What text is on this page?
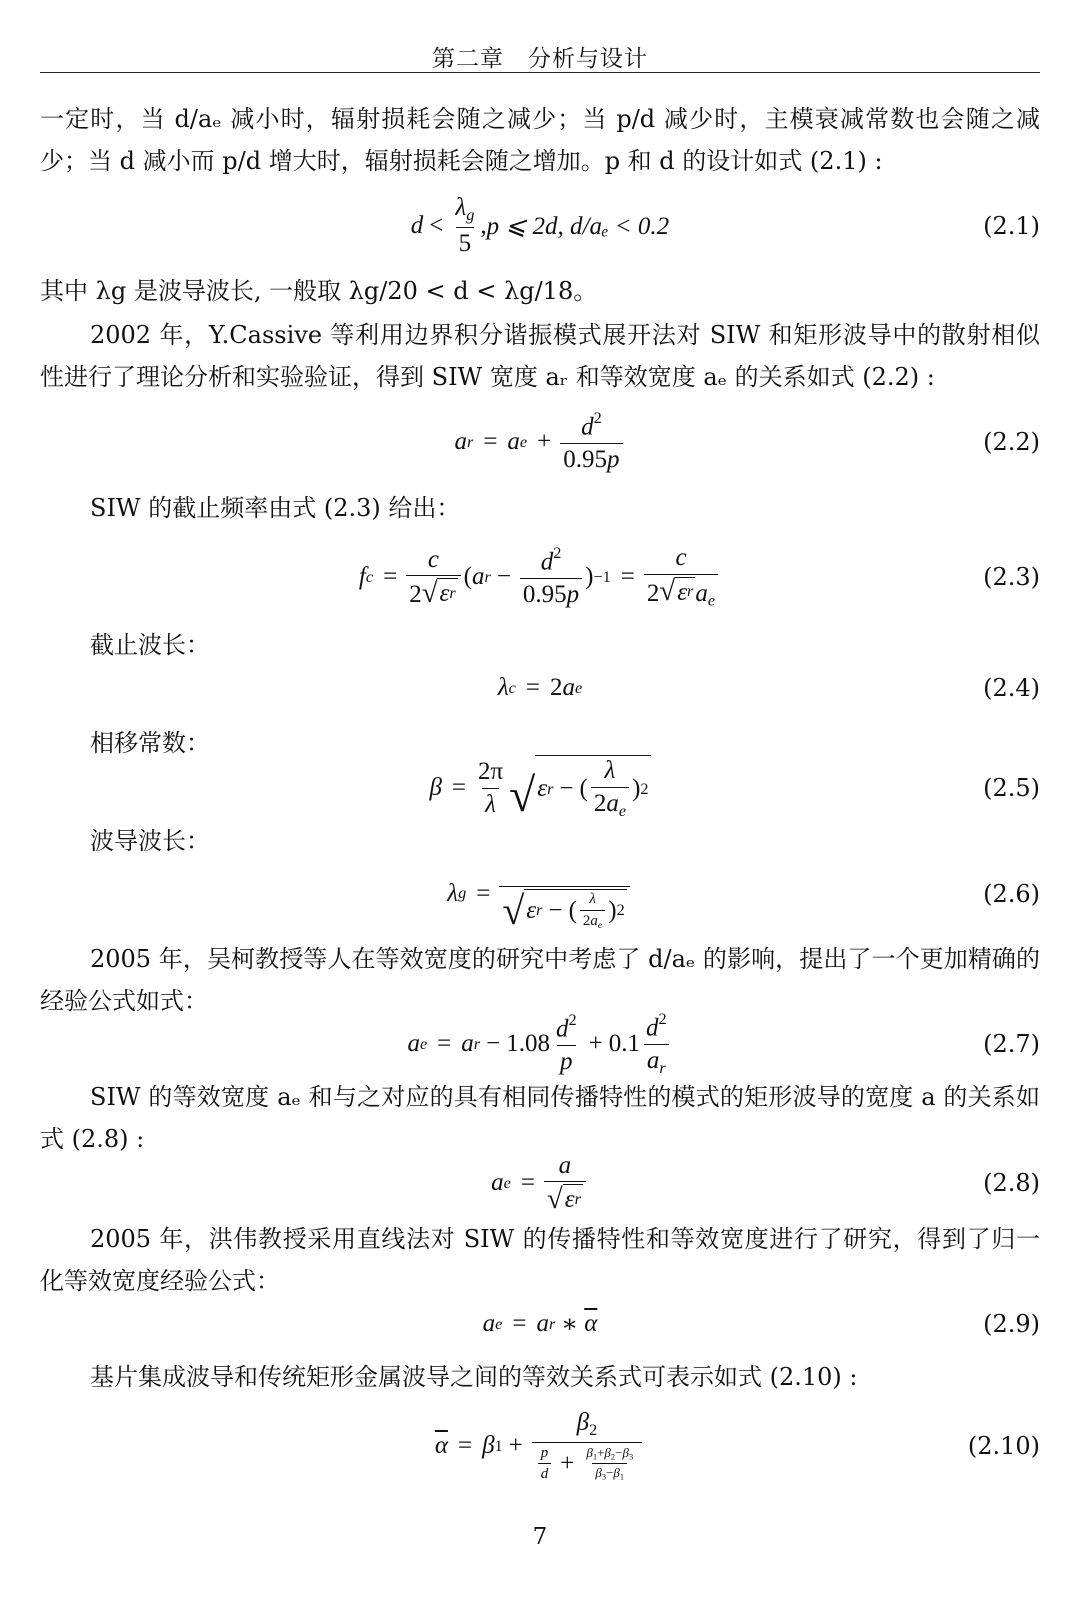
第二章　分析与设计

一定时，当 d/aₑ 减小时，辐射损耗会随之减少；当 p/d 减少时，主模衰减常数也会随之减少；当 d 减小而 p/d 增大时，辐射损耗会随之增加。p 和 d 的设计如式 (2.1) :

$d < \frac{\lambda_g}{5}$ , p ⩽ 2d, d/aₑ < 0.2	(2.1)

其中 λg 是波导波长, 一般取 λg/20 < d < λg/18。

2002 年，Y.Cassive 等利用边界积分谐振模式展开法对 SIW 和矩形波导中的散射相似性进行了理论分析和实验验证，得到 SIW 宽度 aᵣ 和等效宽度 aₑ 的关系如式 (2.2) :

a r = a $e + \frac{d^2}{0.95p}$	(2.2)

SIW 的截止频率由式 (2.3) 给出：

f $c = \frac{c}{\text{2 √ ε r}}$ ( a $r - \frac{d^2}{0.95p}$ ) $-1 = \frac{c}{2 √ \varepsilon r a_e}$	(2.3)

截止波长：

λ c = 2 a e	(2.4)

相移常数：

$\beta = \frac{2\pi}{\lambda}$ √ ε r − ( $\frac{\lambda}{2a_e}$ ) 2	(2.5)

波导波长：

λ g =
√ ε r − ( $\frac{\lambda}{2a_e}$ ) 2
(2.6)

2005 年，吴柯教授等人在等效宽度的研究中考虑了 d/aₑ 的影响，提出了一个更加精确的经验公式如式：

a e = a $r - 1.08 \frac{d^2}{p} + 0.1 \frac{d^2}{a_r}$	(2.7)

SIW 的等效宽度 aₑ 和与之对应的具有相同传播特性的模式的矩形波导的宽度 a 的关系如式 (2.8) :

a $e = \frac{a}{\text{√ ε r}}$	(2.8)

2005 年，洪伟教授采用直线法对 SIW 的传播特性和等效宽度进行了研究，得到了归一化等效宽度经验公式：

a e = a r ∗ $\overline{\alpha}$	(2.9)

基片集成波导和传统矩形金属波导之间的等效关系式可表示如式 (2.10) :

$\overline{\alpha} = \beta$ $1 + \frac{\beta_2}{\frac{p}{d} + \frac{\beta_1+\beta_2-\beta_3}{\beta_3-\beta_1}}$	(2.10)
7
